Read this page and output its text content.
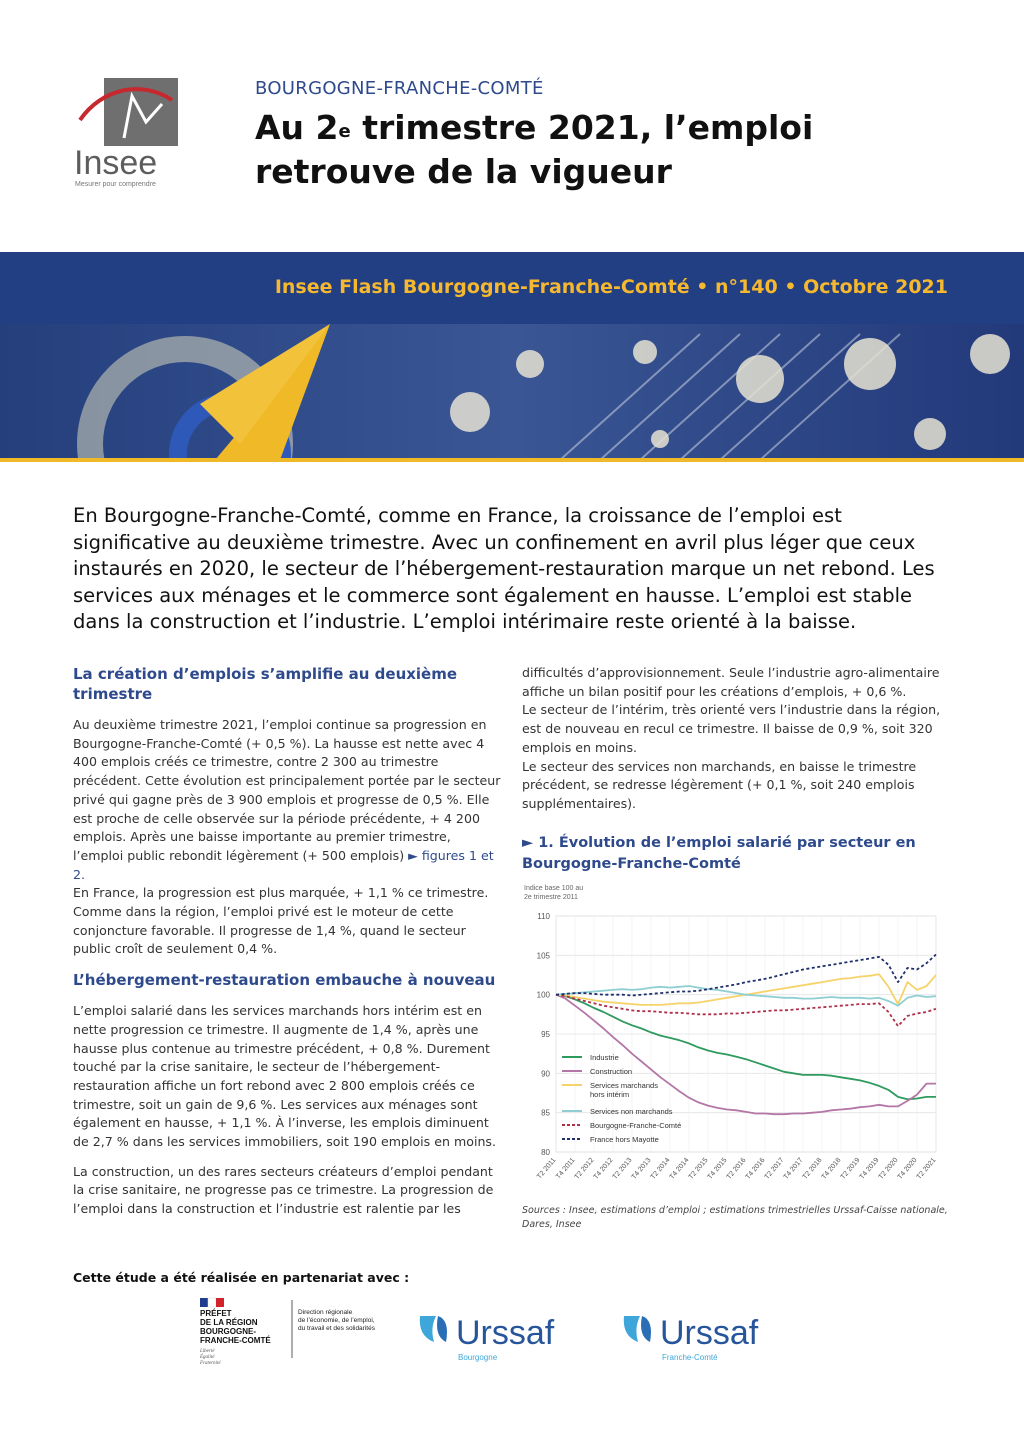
Insee
Mesurer pour comprendre
BOURGOGNE-FRANCHE-COMTÉ
Au 2e trimestre 2021, l’emploi
retrouve de la vigueur
Insee Flash Bourgogne-Franche-Comté • n°140 • Octobre 2021
En Bourgogne-Franche-Comté, comme en France, la croissance de l’emploi est significative au deuxième trimestre. Avec un confinement en avril plus léger que ceux instaurés en 2020, le secteur de l’hébergement-restauration marque un net rebond. Les services aux ménages et le commerce sont également en hausse. L’emploi est stable dans la construction et l’industrie. L’emploi intérimaire reste orienté à la baisse.
La création d’emplois s’amplifie au deuxième trimestre

Au deuxième trimestre 2021, l’emploi continue sa progression en Bourgogne-Franche-Comté (+ 0,5 %). La hausse est nette avec 4 400 emplois créés ce trimestre, contre 2 300 au trimestre précédent. Cette évolution est principalement portée par le secteur privé qui gagne près de 3 900 emplois et progresse de 0,5 %. Elle est proche de celle observée sur la période précédente, + 4 200 emplois. Après une baisse importante au premier trimestre, l’emploi public rebondit légèrement (+ 500 emplois) ► figures 1 et 2.

En France, la progression est plus marquée, + 1,1 % ce trimestre. Comme dans la région, l’emploi privé est le moteur de cette conjoncture favorable. Il progresse de 1,4 %, quand le secteur public croît de seulement 0,4 %.

L’hébergement-restauration embauche à nouveau

L’emploi salarié dans les services marchands hors intérim est en nette progression ce trimestre. Il augmente de 1,4 %, après une hausse plus contenue au trimestre précédent, + 0,8 %. Durement touché par la crise sanitaire, le secteur de l’hébergement-restauration affiche un fort rebond avec 2 800 emplois créés ce trimestre, soit un gain de 9,6 %. Les services aux ménages sont également en hausse, + 1,1 %. À l’inverse, les emplois diminuent de 2,7 % dans les services immobiliers, soit 190 emplois en moins.

La construction, un des rares secteurs créateurs d’emploi pendant la crise sanitaire, ne progresse pas ce trimestre. La progression de l’emploi dans la construction et l’industrie est ralentie par les

difficultés d’approvisionnement. Seule l’industrie agro-alimentaire affiche un bilan positif pour les créations d’emplois, + 0,6 %.

Le secteur de l’intérim, très orienté vers l’industrie dans la région, est de nouveau en recul ce trimestre. Il baisse de 0,9 %, soit 320 emplois en moins.

Le secteur des services non marchands, en baisse le trimestre précédent, se redresse légèrement (+ 0,1 %, soit 240 emplois supplémentaires).

► 1. Évolution de l’emploi salarié par secteur en Bourgogne-Franche-Comté
Indice base 100 au
2e trimestre 2011
80
85
90
95
100
105
110
T2 2011
T4 2011
T2 2012
T4 2012
T2 2013
T4 2013
T2 2014
T4 2014
T2 2015
T4 2015
T2 2016
T4 2016
T2 2017
T4 2017
T2 2018
T4 2018
T2 2019
T4 2019
T2 2020
T4 2020
T2 2021
Industrie
Construction
Services marchands
hors intérim
Services non marchands
Bourgogne-Franche-Comté
France hors Mayotte
Sources : Insee, estimations d’emploi ; estimations trimestrielles Urssaf-Caisse nationale, Dares, Insee
Cette étude a été réalisée en partenariat avec :
PRÉFET
DE LA RÉGION
BOURGOGNE-
FRANCHE-COMTÉ
Liberté
Égalité
Fraternité
Direction régionale
de l’économie, de l’emploi,
du travail et des solidarités Urssaf
Bourgogne
Urssaf
Franche-Comté
